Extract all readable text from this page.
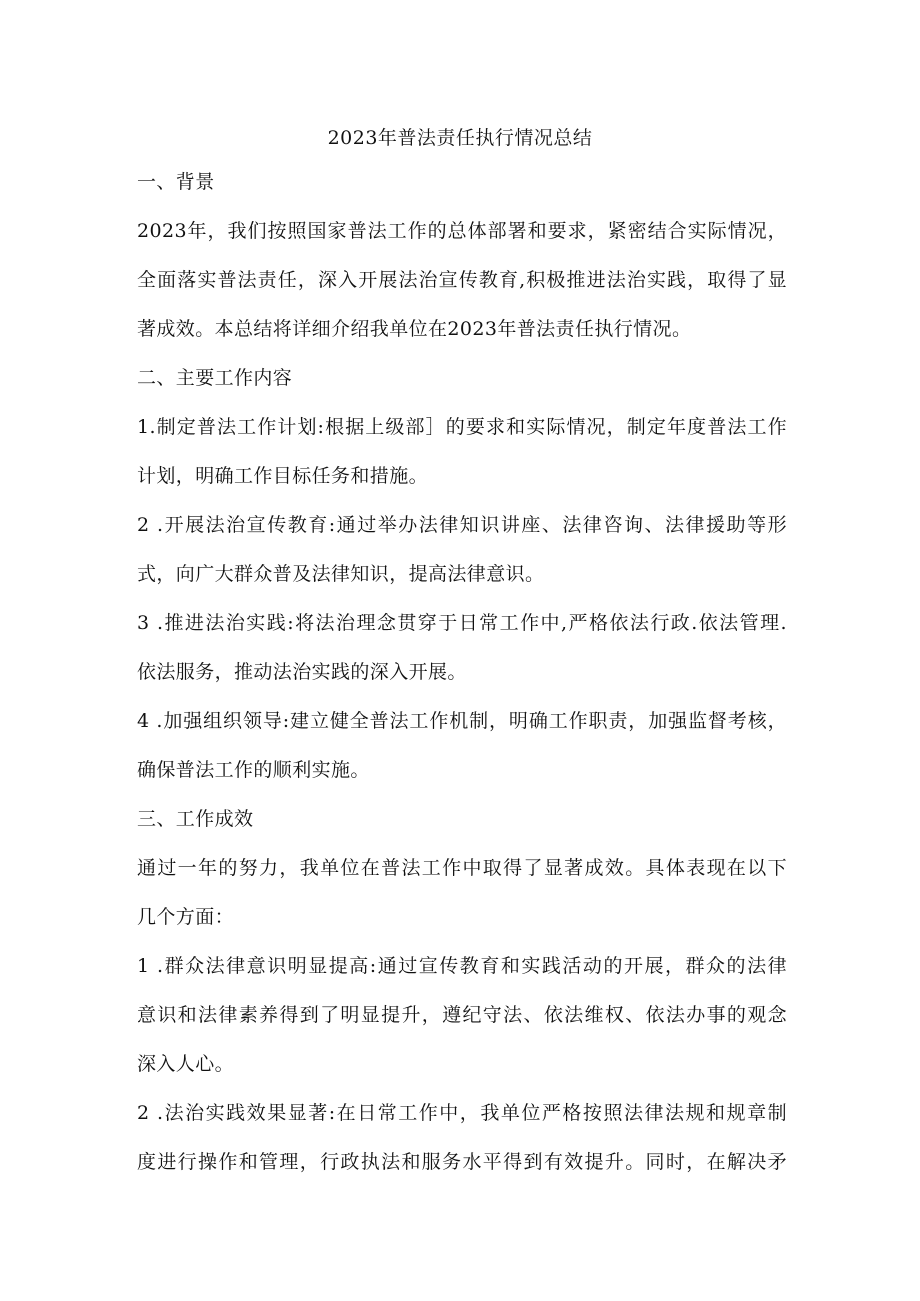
2023年普法责任执行情况总结
一、背景
2023年，我们按照国家普法工作的总体部署和要求，紧密结合实际情况，
全面落实普法责任，深入开展法治宣传教育,积极推进法治实践，取得了显
著成效。本总结将详细介绍我单位在2023年普法责任执行情况。
二、主要工作内容
1.制定普法工作计划:根据上级部］的要求和实际情况，制定年度普法工作
计划，明确工作目标任务和措施。
2 .开展法治宣传教育:通过举办法律知识讲座、法律咨询、法律援助等形
式，向广大群众普及法律知识，提高法律意识。
3 .推进法治实践:将法治理念贯穿于日常工作中,严格依法行政.依法管理.
依法服务，推动法治实践的深入开展。
4 .加强组织领导:建立健全普法工作机制，明确工作职责，加强监督考核，
确保普法工作的顺利实施。
三、工作成效
通过一年的努力，我单位在普法工作中取得了显著成效。具体表现在以下
几个方面：
1 .群众法律意识明显提高:通过宣传教育和实践活动的开展，群众的法律
意识和法律素养得到了明显提升，遵纪守法、依法维权、依法办事的观念
深入人心。
2 .法治实践效果显著:在日常工作中，我单位严格按照法律法规和规章制
度进行操作和管理，行政执法和服务水平得到有效提升。同时，在解决矛
